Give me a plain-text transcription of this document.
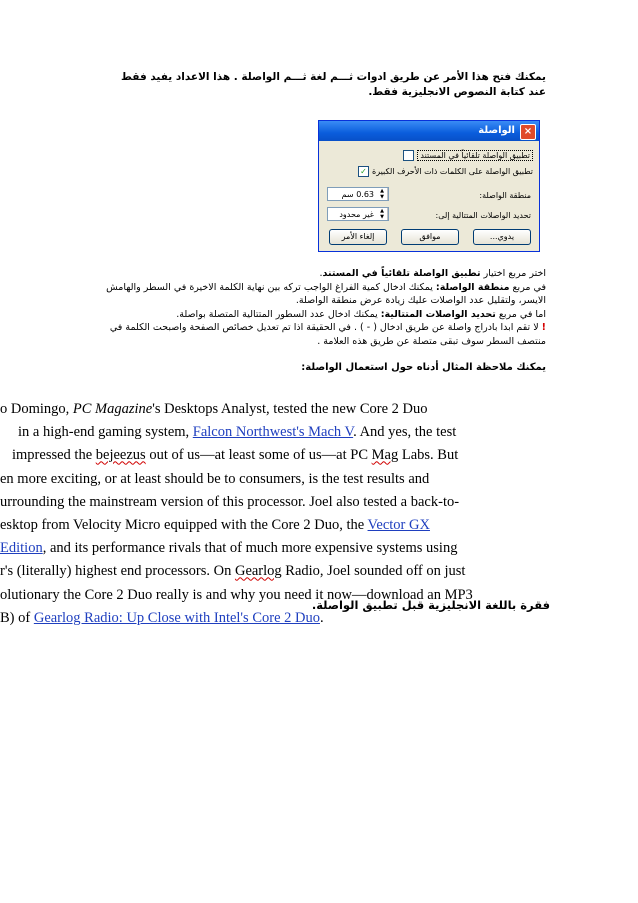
يمكنك فتح هذا الأمر عن طريق ادوات ثـــم لغة ثـــم الواصلة . هذا الاعداد يفيد فقط عند كتابة النصوص الانجليزية فقط.
×
الواصلة
تطبيق الواصلة تلقائياً في المستند
✓ تطبيق الواصلة على الكلمات ذات الأحرف الكبيرة
منطقة الواصلة:
▲
▼
0.63 سم
تحديد الواصلات المتتالية إلى:
▲
▼
غير محدود
يدوي...
موافق
إلغاء الأمر

اختر مربع اختيار تطبيق الواصلة تلقائياً في المستند.

في مربع منطقة الواصلة: يمكنك ادخال كمية الفراغ الواجب تركه بين نهاية الكلمة الاخيرة في السطر والهامش الايسر، ولتقليل عدد الواصلات عليك زيادة عرض منطقة الواصلة.

اما في مربع تحديد الواصلات المتتالية: يمكنك ادخال عدد السطور المتتالية المتصلة بواصلة.

! لا تقم ابدا بادراج واصلة عن طريق ادخال ( - ) . في الحقيقة اذا تم تعديل خصائص الصفحة واصبحت الكلمة في منتصف السطر سوف تبقى متصلة عن طريق هذه العلامة .

يمكنك ملاحظة المثال أدناه حول استعمال الواصلة:
o Domingo, PC Magazine's Desktops Analyst, tested the new Core 2 Duo
in a high-end gaming system, Falcon Northwest's Mach V. And yes, the test
impressed the bejeezus out of us—at least some of us—at PC Mag Labs. But
en more exciting, or at least should be to consumers, is the test results and
urrounding the mainstream version of this processor. Joel also tested a back-to-
esktop from Velocity Micro equipped with the Core 2 Duo, the Vector GX
Edition, and its performance rivals that of much more expensive systems using
r's (literally) highest end processors. On Gearlog Radio, Joel sounded off on just
olutionary the Core 2 Duo really is and why you need it now—download an MP3
B) of Gearlog Radio: Up Close with Intel's Core 2 Duo.
فقرة باللغة الانجليزية قبل تطبيق الواصلة.
